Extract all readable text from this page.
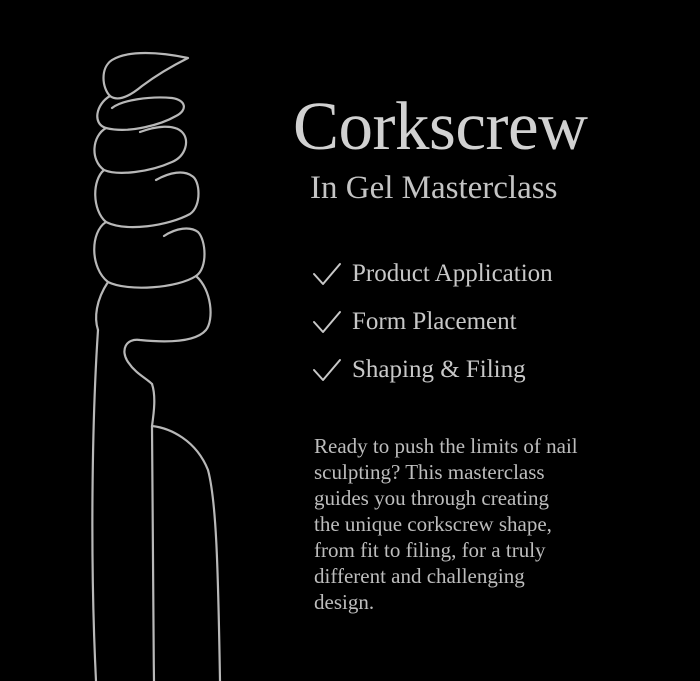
Corkscrew
In Gel Masterclass
Product Application
Form Placement
Shaping & Filing

Ready to push the limits of nail
sculpting? This masterclass
guides you through creating
the unique corkscrew shape,
from fit to filing, for a truly
different and challenging
design.
